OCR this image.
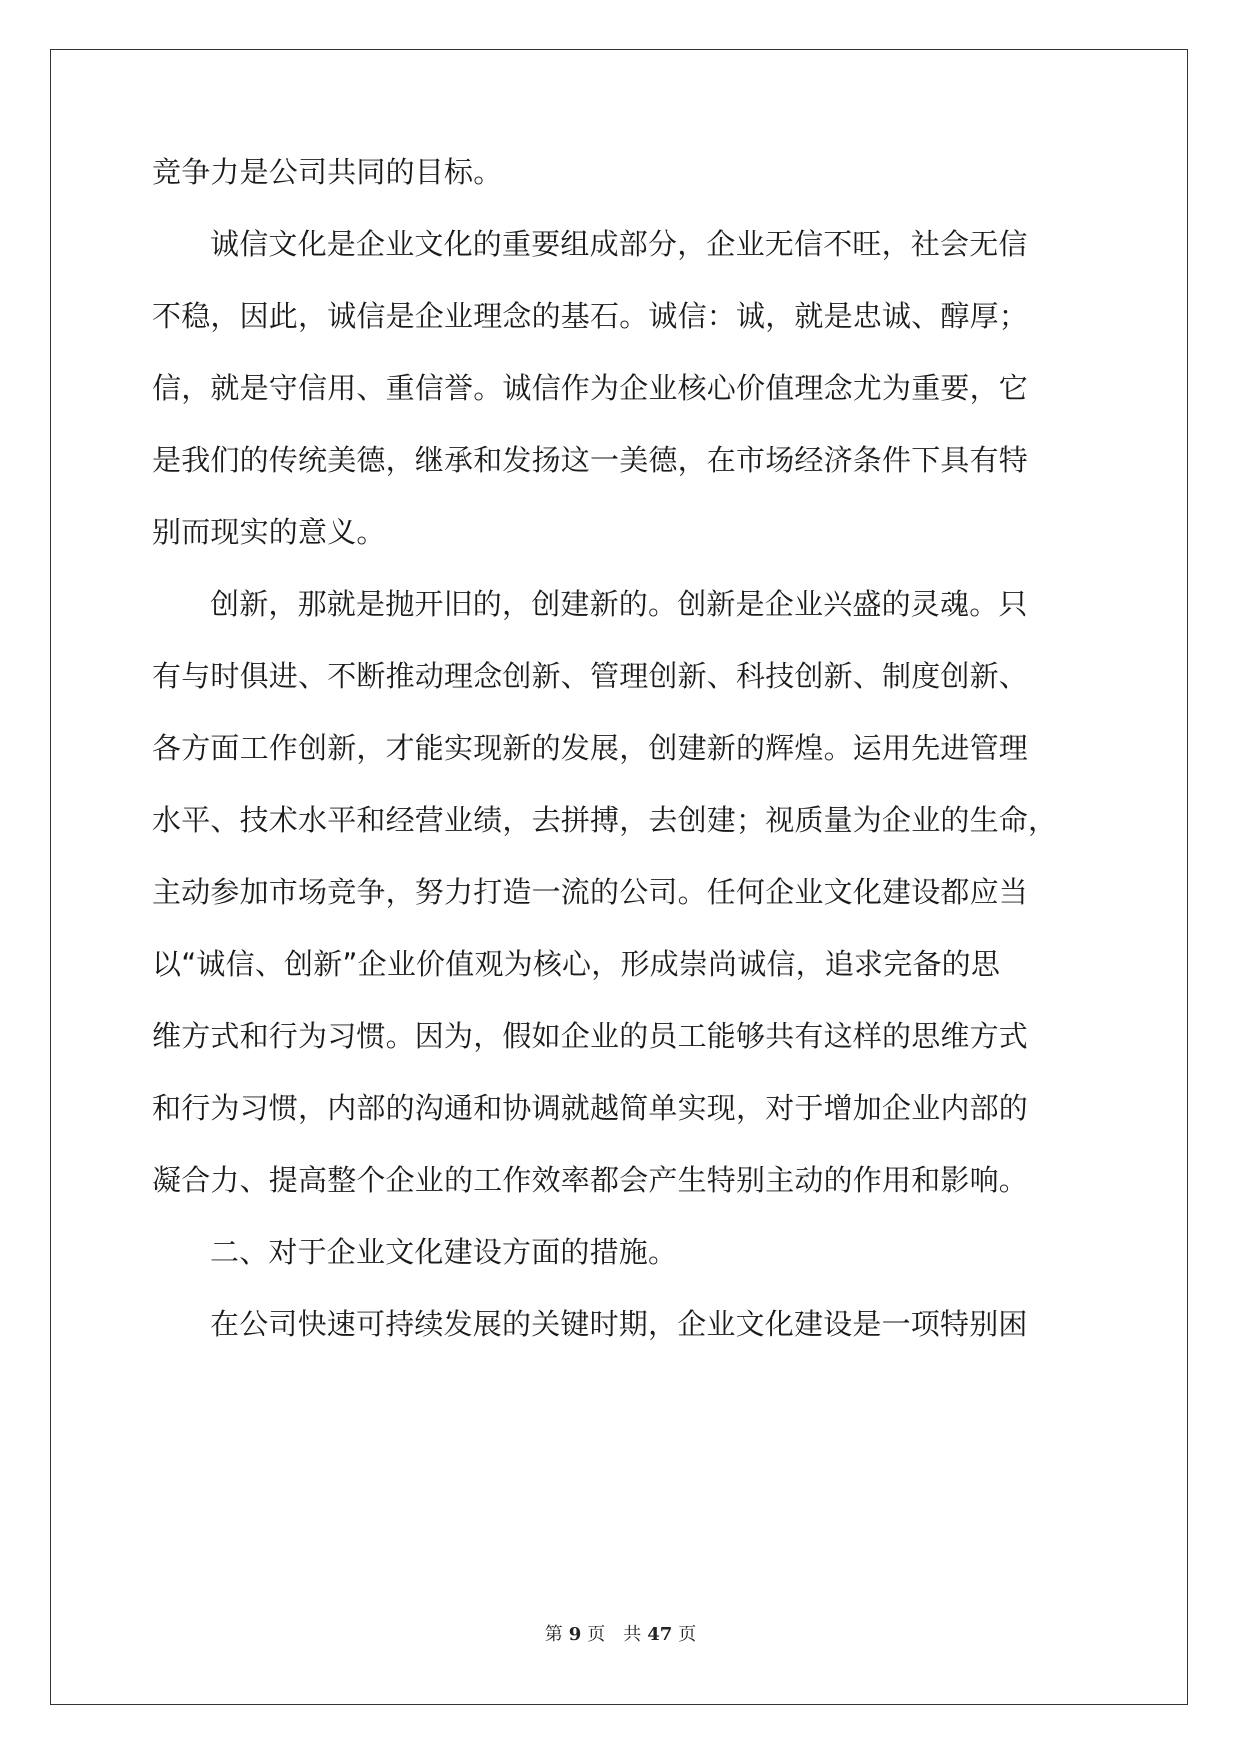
竞争力是公司共同的目标。
诚信文化是企业文化的重要组成部分，企业无信不旺，社会无信
不稳，因此，诚信是企业理念的基石。诚信：诚，就是忠诚、醇厚；
信，就是守信用、重信誉。诚信作为企业核心价值理念尤为重要，它
是我们的传统美德，继承和发扬这一美德，在市场经济条件下具有特
别而现实的意义。
创新，那就是抛开旧的，创建新的。创新是企业兴盛的灵魂。只
有与时俱进、不断推动理念创新、管理创新、科技创新、制度创新、
各方面工作创新，才能实现新的发展，创建新的辉煌。运用先进管理
水平、技术水平和经营业绩，去拼搏，去创建；视质量为企业的生命，
主动参加市场竞争，努力打造一流的公司。任何企业文化建设都应当
以“诚信、创新”企业价值观为核心，形成崇尚诚信，追求完备的思
维方式和行为习惯。因为，假如企业的员工能够共有这样的思维方式
和行为习惯，内部的沟通和协调就越简单实现，对于增加企业内部的
凝合力、提高整个企业的工作效率都会产生特别主动的作用和影响。
二、对于企业文化建设方面的措施。
在公司快速可持续发展的关键时期，企业文化建设是一项特别困
第 9 页 共 47 页
